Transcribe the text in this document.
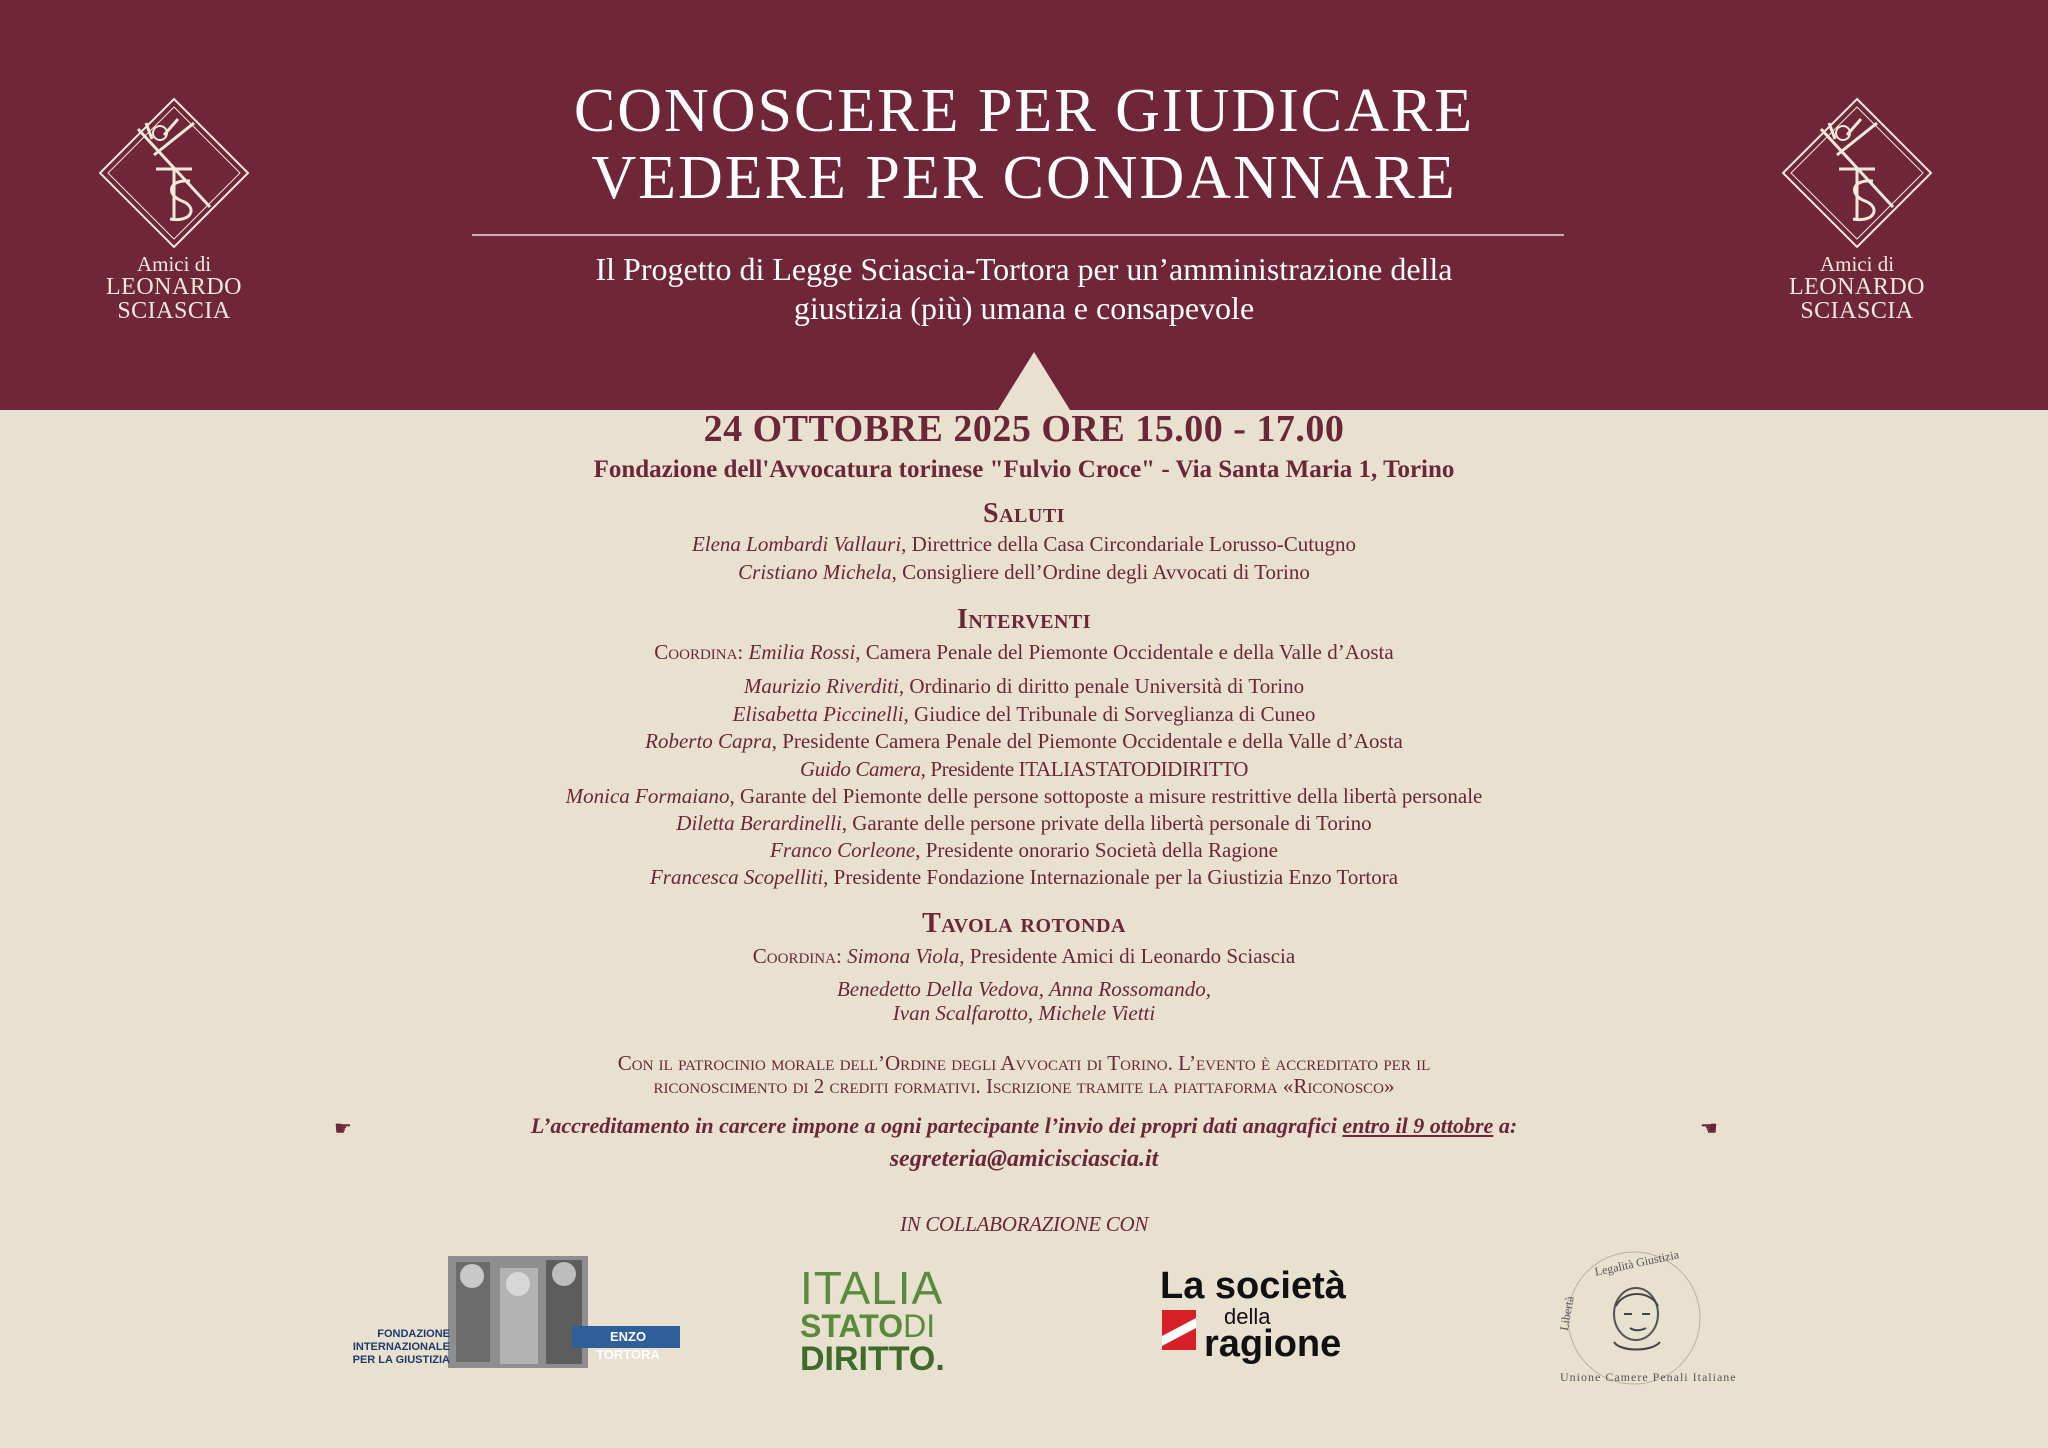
Amici di
LEONARDO
SCIASCIA
Amici di
LEONARDO
SCIASCIA
CONOSCERE PER GIUDICARE
VEDERE PER CONDANNARE
Il Progetto di Legge Sciascia-Tortora per un’amministrazione della
giustizia (più) umana e consapevole
24 OTTOBRE 2025 ORE 15.00 - 17.00
Fondazione dell'Avvocatura torinese "Fulvio Croce" - Via Santa Maria 1, Torino
Saluti
Elena Lombardi Vallauri, Direttrice della Casa Circondariale Lorusso-Cutugno
Cristiano Michela, Consigliere dell’Ordine degli Avvocati di Torino
Interventi
Coordina: Emilia Rossi, Camera Penale del Piemonte Occidentale e della Valle d’Aosta
Maurizio Riverditi, Ordinario di diritto penale Università di Torino
Elisabetta Piccinelli, Giudice del Tribunale di Sorveglianza di Cuneo
Roberto Capra, Presidente Camera Penale del Piemonte Occidentale e della Valle d’Aosta
Guido Camera, Presidente ITALIASTATODIDIRITTO
Monica Formaiano, Garante del Piemonte delle persone sottoposte a misure restrittive della libertà personale
Diletta Berardinelli, Garante delle persone private della libertà personale di Torino
Franco Corleone, Presidente onorario Società della Ragione
Francesca Scopelliti, Presidente Fondazione Internazionale per la Giustizia Enzo Tortora
Tavola rotonda
Coordina: Simona Viola, Presidente Amici di Leonardo Sciascia
Benedetto Della Vedova, Anna Rossomando,
Ivan Scalfarotto, Michele Vietti
Con il patrocinio morale dell’Ordine degli Avvocati di Torino. L’evento è accreditato per il
riconoscimento di 2 crediti formativi. Iscrizione tramite la piattaforma «Riconosco»
☛	L’accreditamento in carcere impone a ogni partecipante l’invio dei propri dati anagrafici entro il 9 ottobre a:	☚
segreteria@amicisciascia.it
IN COLLABORAZIONE CON
ENZO TORTORA
FONDAZIONE
INTERNAZIONALE
PER LA GIUSTIZIA
ITALIA
STATODI
DIRITTO.
La società
della
ragione
Legalità Giustizia
Libertà
Unione Camere Penali Italiane
